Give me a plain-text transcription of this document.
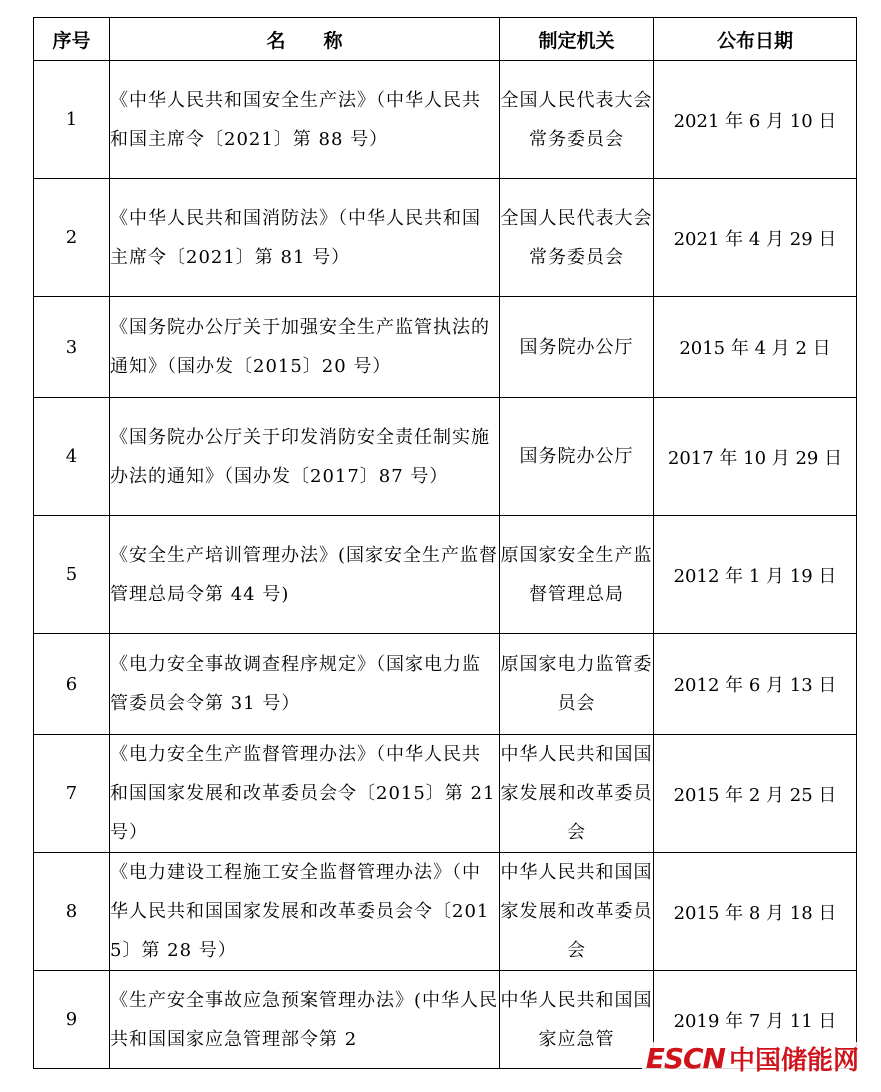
序号	名称	制定机关	公布日期
1	《中华人民共和国安全生产法》（中华人民共和国主席令〔2021〕第 88 号）	全国人民代表大会常务委员会	2021 年 6 月 10 日
2	《中华人民共和国消防法》（中华人民共和国主席令〔2021〕第 81 号）	全国人民代表大会常务委员会	2021 年 4 月 29 日
3	《国务院办公厅关于加强安全生产监管执法的通知》（国办发〔2015〕20 号）	国务院办公厅	2015 年 4 月 2 日
4	《国务院办公厅关于印发消防安全责任制实施办法的通知》（国办发〔2017〕87 号）	国务院办公厅	2017 年 10 月 29 日
5	《安全生产培训管理办法》(国家安全生产监督管理总局令第 44 号)	原国家安全生产监督管理总局	2012 年 1 月 19 日
6	《电力安全事故调查程序规定》（国家电力监管委员会令第 31 号）	原国家电力监管委员会	2012 年 6 月 13 日
7	《电力安全生产监督管理办法》（中华人民共和国国家发展和改革委员会令〔2015〕第 21 号）	中华人民共和国国家发展和改革委员会	2015 年 2 月 25 日
8	《电力建设工程施工安全监督管理办法》（中华人民共和国国家发展和改革委员会令〔2015〕第 28 号）	中华人民共和国国家发展和改革委员会	2015 年 8 月 18 日
9	《生产安全事故应急预案管理办法》(中华人民共和国国家应急管理部令第 2	中华人民共和国国家应急管	2019 年 7 月 11 日
ESCN 中国储能网
